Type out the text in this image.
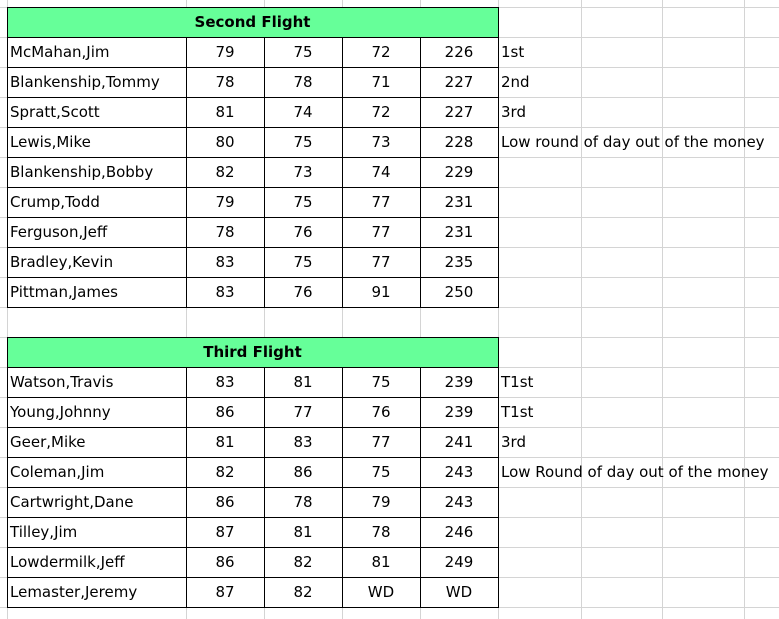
Second Flight
McMahan,Jim	79	75	72	226	1st
Blankenship,Tommy	78	78	71	227	2nd
Spratt,Scott	81	74	72	227	3rd
Lewis,Mike	80	75	73	228	Low round of day out of the money
Blankenship,Bobby	82	73	74	229
Crump,Todd	79	75	77	231
Ferguson,Jeff	78	76	77	231
Bradley,Kevin	83	75	77	235
Pittman,James	83	76	91	250
Third Flight
Watson,Travis	83	81	75	239	T1st
Young,Johnny	86	77	76	239	T1st
Geer,Mike	81	83	77	241	3rd
Coleman,Jim	82	86	75	243	Low Round of day out of the money
Cartwright,Dane	86	78	79	243
Tilley,Jim	87	81	78	246
Lowdermilk,Jeff	86	82	81	249
Lemaster,Jeremy	87	82	WD	WD
